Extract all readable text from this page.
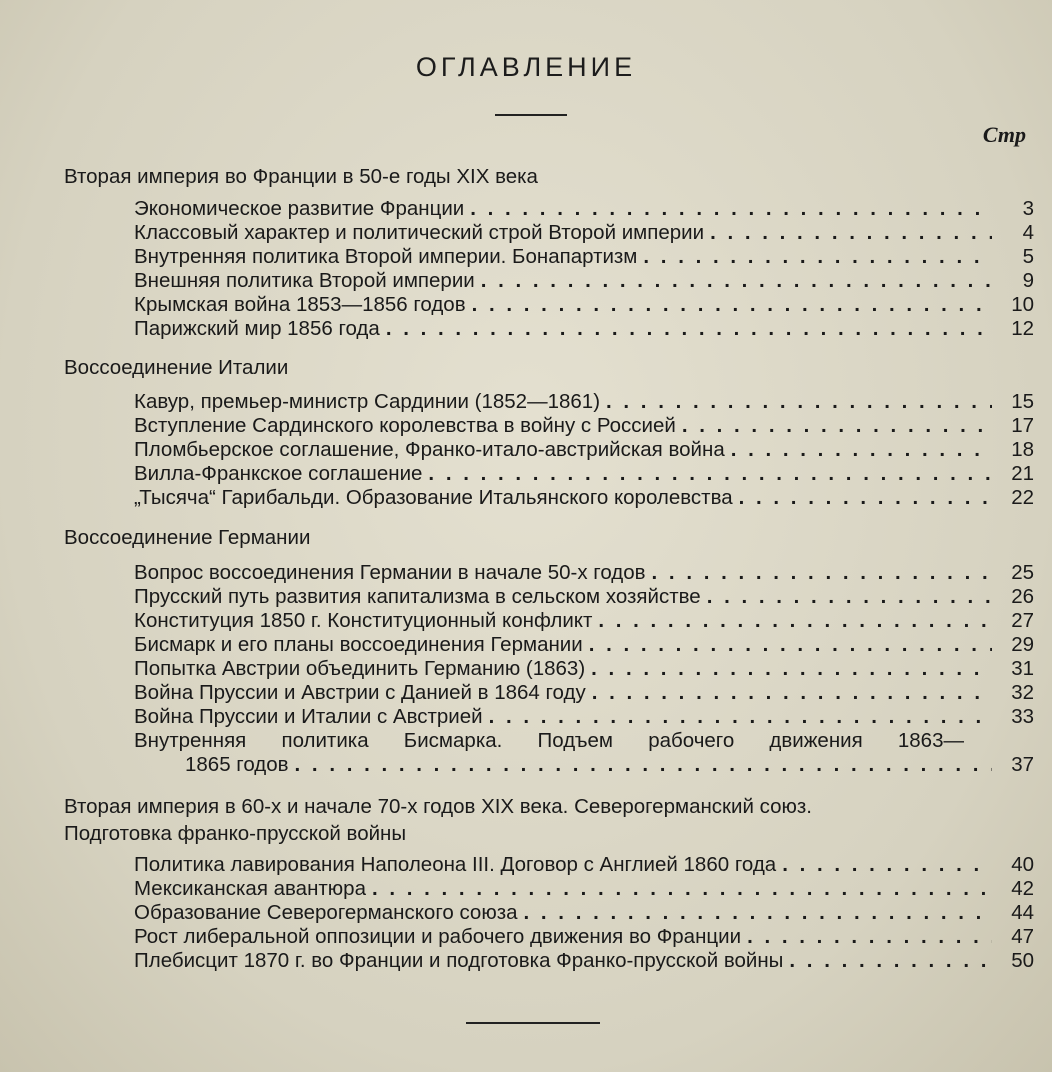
ОГЛАВЛЕНИЕ
Стр
Вторая империя во Франции в 50-е годы XIX века
Экономическое развитие Франции . . .	3
Классовый характер и политический строй Второй империи . . .	4
Внутренняя политика Второй империи. Бонапартизм . . .	5
Внешняя политика Второй империи . . .	9
Крымская война 1853—1856 годов . . .	10
Парижский мир 1856 года . . .	12
Воссоединение Италии
Кавур, премьер-министр Сардинии (1852—1861) . . .	15
Вступление Сардинского королевства в войну с Россией . . .	17
Пломбьерское соглашение, Франко-итало-австрийская война . . .	18
Вилла-Франкское соглашение . . .	21
„Тысяча“ Гарибальди. Образование Итальянского королевства . . .	22
Воссоединение Германии
Вопрос воссоединения Германии в начале 50-х годов . . .	25
Прусский путь развития капитализма в сельском хозяйстве . . .	26
Конституция 1850 г. Конституционный конфликт . . .	27
Бисмарк и его планы воссоединения Германии . . .	29
Попытка Австрии объединить Германию (1863) . . .	31
Война Пруссии и Австрии с Данией в 1864 году . . .	32
Война Пруссии и Италии с Австрией . . .	33
Внутренняя политика Бисмарка. Подъем рабочего движения 1863—
1865 годов . . .	37
Вторая империя в 60-х и начале 70-х годов XIX века. Северогерманский союз.
Подготовка франко-прусской войны
Политика лавирования Наполеона III. Договор с Англией 1860 года . . .	40
Мексиканская авантюра . . .	42
Образование Северогерманского союза . . .	44
Рост либеральной оппозиции и рабочего движения во Франции . . .	47
Плебисцит 1870 г. во Франции и подготовка Франко-прусской войны . . .	50
